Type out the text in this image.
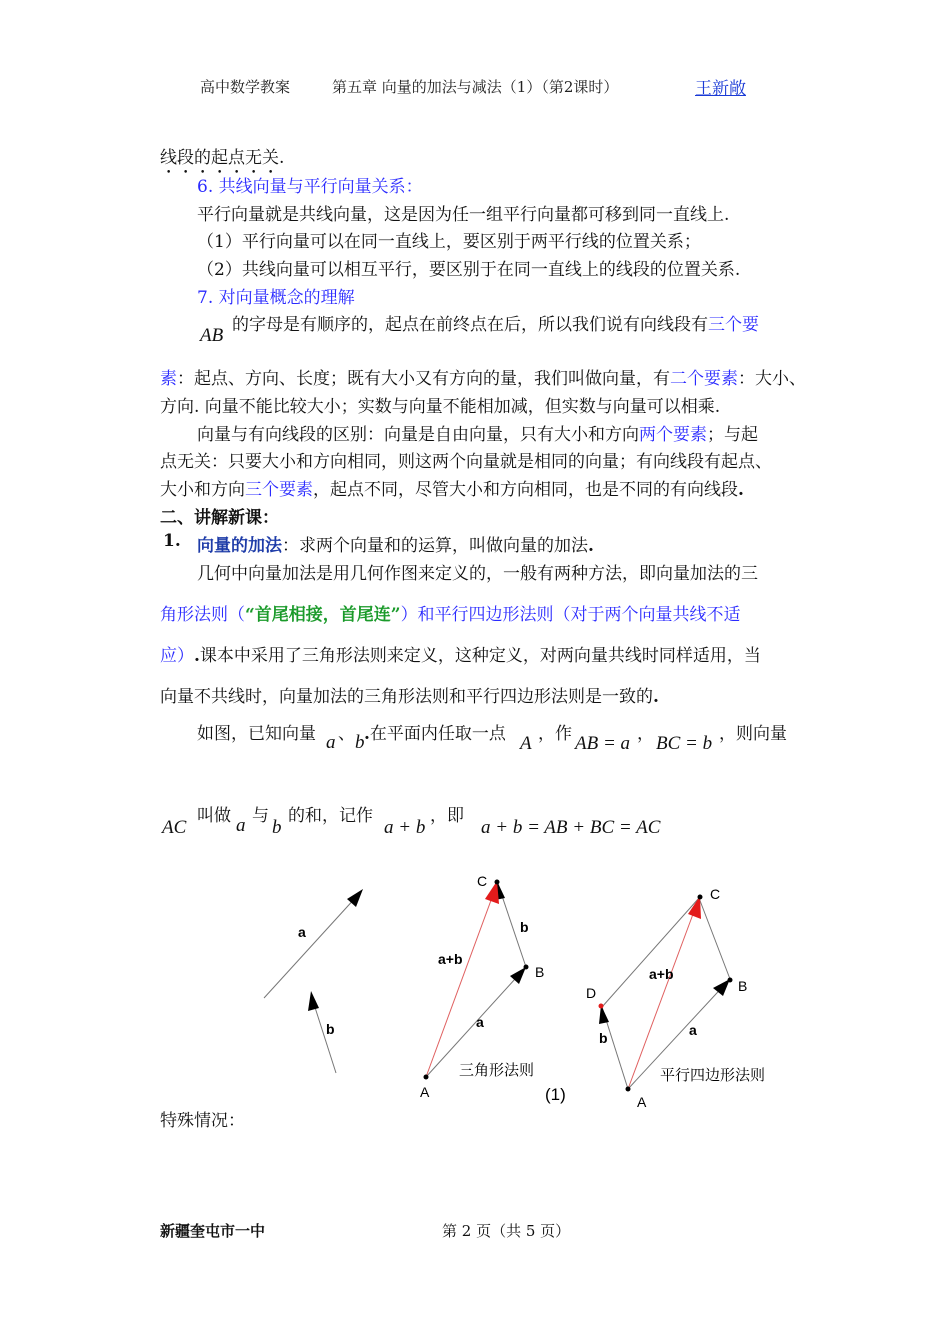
高中数学教案	第五章 向量的加法与减法（1）（第2课时）	王新敞
线段的起点无关.
6. 共线向量与平行向量关系：
平行向量就是共线向量，这是因为任一组平行向量都可移到同一直线上.
（1）平行向量可以在同一直线上，要区别于两平行线的位置关系；
（2）共线向量可以相互平行，要区别于在同一直线上的线段的位置关系.
7. 对向量概念的理解
AB 的字母是有顺序的，起点在前终点在后，所以我们说有向线段有三个要
素：起点、方向、长度；既有大小又有方向的量，我们叫做向量，有二个要素：大小、
方向. 向量不能比较大小；实数与向量不能相加减，但实数与向量可以相乘.
向量与有向线段的区别：向量是自由向量，只有大小和方向两个要素；与起
点无关：只要大小和方向相同，则这两个向量就是相同的向量；有向线段有起点、
大小和方向三个要素，起点不同，尽管大小和方向相同，也是不同的有向线段.
二、讲解新课：
1. 向量的加法：求两个向量和的运算，叫做向量的加法.
几何中向量加法是用几何作图来定义的，一般有两种方法，即向量加法的三
角形法则（“首尾相接，首尾连”）和平行四边形法则（对于两个向量共线不适
应）.课本中采用了三角形法则来定义，这种定义，对两向量共线时同样适用，当
向量不共线时，向量加法的三角形法则和平行四边形法则是一致的.
如图，已知向量 a 、 b .在平面内任取一点 A ，作 AB = a ， BC = b ，则向量
AC
叫做 a 与
b
的和，记作
a + b
，即
a + b = AB + BC = AC
a
b
C
B
A
a+b
a
b
三角形法则
(1)
C
B
D
A
a+b
a
b
平行四边形法则
特殊情况：
新疆奎屯市一中	第 2 页（共 5 页）
